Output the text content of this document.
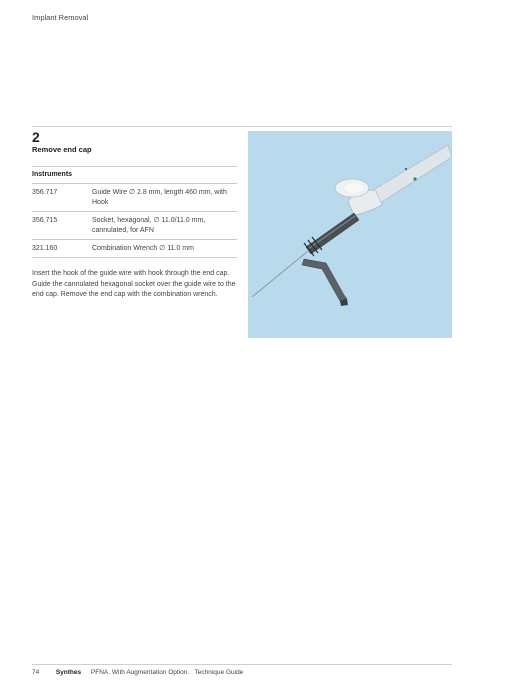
Implant Removal
2
Remove end cap
Instruments
356.717	Guide Wire ∅ 2.8 mm, length 460 mm, with Hook
356.715	Socket, hexagonal, ∅ 11.0/11.0 mm, cannulated, for AFN
321.160	Combination Wrench ∅ 11.0 mm
Insert the hook of the guide wire with hook through the end cap. Guide the cannulated hexagonal socket over the guide wire to the end cap. Remove the end cap with the combination wrench.
74	Synthes PFNA. With Augmentation Option. Technique Guide
